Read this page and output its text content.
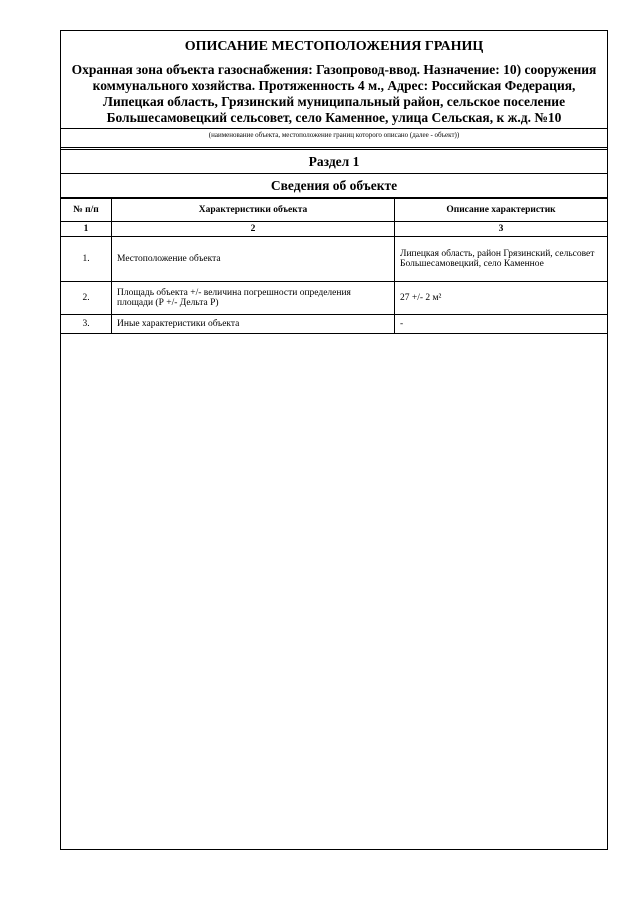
ОПИСАНИЕ МЕСТОПОЛОЖЕНИЯ ГРАНИЦ

Охранная зона объекта газоснабжения: Газопровод-ввод. Назначение: 10) сооружения коммунального хозяйства. Протяженность 4 м., Адрес: Российская Федерация, Липецкая область, Грязинский муниципальный район, сельское поселение Большесамовецкий сельсовет, село Каменное, улица Сельская, к ж.д. №10

(наименование объекта, местоположение границ которого описано (далее - объект))
Раздел 1
Сведения об объекте
№ п/п	Характеристики объекта	Описание характеристик
1	2	3
1.	Местоположение объекта	Липецкая область, район Грязинский, сельсовет Большесамовецкий, село Каменное
2.	Площадь объекта +/- величина погрешности определения площади (Р +/- Дельта Р)	27 +/- 2 м²
3.	Иные характеристики объекта	-
